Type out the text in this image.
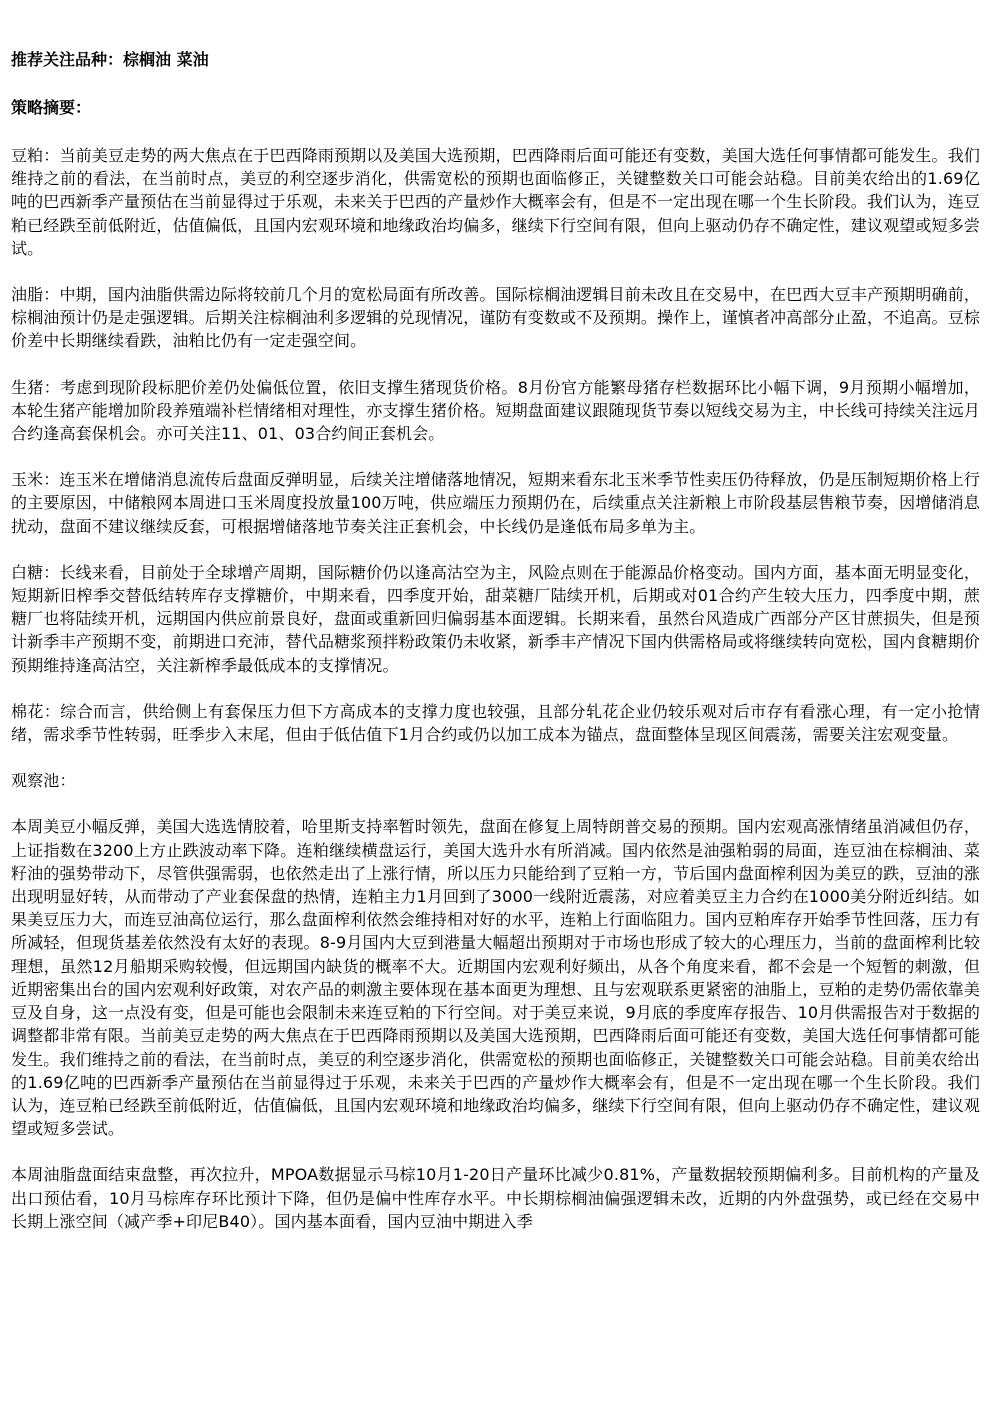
推荐关注品种：棕榈油 菜油
策略摘要：

豆粕：当前美豆走势的两大焦点在于巴西降雨预期以及美国大选预期，巴西降雨后面可能还有变数，美国大选任何事情都可能发生。我们维持之前的看法，在当前时点，美豆的利空逐步消化，供需宽松的预期也面临修正，关键整数关口可能会站稳。目前美农给出的1.69亿吨的巴西新季产量预估在当前显得过于乐观，未来关于巴西的产量炒作大概率会有，但是不一定出现在哪一个生长阶段。我们认为，连豆粕已经跌至前低附近，估值偏低，且国内宏观环境和地缘政治均偏多，继续下行空间有限，但向上驱动仍存不确定性，建议观望或短多尝试。

油脂：中期，国内油脂供需边际将较前几个月的宽松局面有所改善。国际棕榈油逻辑目前未改且在交易中，在巴西大豆丰产预期明确前，棕榈油预计仍是走强逻辑。后期关注棕榈油利多逻辑的兑现情况，谨防有变数或不及预期。操作上，谨慎者冲高部分止盈，不追高。豆棕价差中长期继续看跌，油粕比仍有一定走强空间。

生猪：考虑到现阶段标肥价差仍处偏低位置，依旧支撑生猪现货价格。8月份官方能繁母猪存栏数据环比小幅下调，9月预期小幅增加，本轮生猪产能增加阶段养殖端补栏情绪相对理性，亦支撑生猪价格。短期盘面建议跟随现货节奏以短线交易为主，中长线可持续关注远月合约逢高套保机会。亦可关注11、01、03合约间正套机会。

玉米：连玉米在增储消息流传后盘面反弹明显，后续关注增储落地情况，短期来看东北玉米季节性卖压仍待释放，仍是压制短期价格上行的主要原因，中储粮网本周进口玉米周度投放量100万吨，供应端压力预期仍在，后续重点关注新粮上市阶段基层售粮节奏，因增储消息扰动，盘面不建议继续反套，可根据增储落地节奏关注正套机会，中长线仍是逢低布局多单为主。

白糖：长线来看，目前处于全球增产周期，国际糖价仍以逢高沽空为主，风险点则在于能源品价格变动。国内方面，基本面无明显变化，短期新旧榨季交替低结转库存支撑糖价，中期来看，四季度开始，甜菜糖厂陆续开机，后期或对01合约产生较大压力，四季度中期，蔗糖厂也将陆续开机，远期国内供应前景良好，盘面或重新回归偏弱基本面逻辑。长期来看，虽然台风造成广西部分产区甘蔗损失，但是预计新季丰产预期不变，前期进口充沛，替代品糖浆预拌粉政策仍未收紧，新季丰产情况下国内供需格局或将继续转向宽松，国内食糖期价预期维持逢高沽空，关注新榨季最低成本的支撑情况。

棉花：综合而言，供给侧上有套保压力但下方高成本的支撑力度也较强，且部分轧花企业仍较乐观对后市存有看涨心理，有一定小抢情绪，需求季节性转弱，旺季步入末尾，但由于低估值下1月合约或仍以加工成本为锚点，盘面整体呈现区间震荡，需要关注宏观变量。

观察池：

本周美豆小幅反弹，美国大选选情胶着，哈里斯支持率暂时领先，盘面在修复上周特朗普交易的预期。国内宏观高涨情绪虽消减但仍存，上证指数在3200上方止跌波动率下降。连粕继续横盘运行，美国大选升水有所消减。国内依然是油强粕弱的局面，连豆油在棕榈油、菜籽油的强势带动下，尽管供强需弱，也依然走出了上涨行情，所以压力只能给到了豆粕一方，节后国内盘面榨利因为美豆的跌，豆油的涨出现明显好转，从而带动了产业套保盘的热情，连粕主力1月回到了3000一线附近震荡，对应着美豆主力合约在1000美分附近纠结。如果美豆压力大，而连豆油高位运行，那么盘面榨利依然会维持相对好的水平，连粕上行面临阻力。国内豆粕库存开始季节性回落，压力有所减轻，但现货基差依然没有太好的表现。8-9月国内大豆到港量大幅超出预期对于市场也形成了较大的心理压力，当前的盘面榨利比较理想，虽然12月船期采购较慢，但远期国内缺货的概率不大。近期国内宏观利好频出，从各个角度来看，都不会是一个短暂的刺激，但近期密集出台的国内宏观利好政策，对农产品的刺激主要体现在基本面更为理想、且与宏观联系更紧密的油脂上，豆粕的走势仍需依靠美豆及自身，这一点没有变，但是可能也会限制未来连豆粕的下行空间。对于美豆来说，9月底的季度库存报告、10月供需报告对于数据的调整都非常有限。当前美豆走势的两大焦点在于巴西降雨预期以及美国大选预期，巴西降雨后面可能还有变数，美国大选任何事情都可能发生。我们维持之前的看法，在当前时点，美豆的利空逐步消化，供需宽松的预期也面临修正，关键整数关口可能会站稳。目前美农给出的1.69亿吨的巴西新季产量预估在当前显得过于乐观，未来关于巴西的产量炒作大概率会有，但是不一定出现在哪一个生长阶段。我们认为，连豆粕已经跌至前低附近，估值偏低，且国内宏观环境和地缘政治均偏多，继续下行空间有限，但向上驱动仍存不确定性，建议观望或短多尝试。

本周油脂盘面结束盘整，再次拉升，MPOA数据显示马棕10月1-20日产量环比减少0.81%，产量数据较预期偏利多。目前机构的产量及出口预估看，10月马棕库存环比预计下降，但仍是偏中性库存水平。中长期棕榈油偏强逻辑未改，近期的内外盘强势，或已经在交易中长期上涨空间（减产季+印尼B40）。国内基本面看，国内豆油中期进入季
